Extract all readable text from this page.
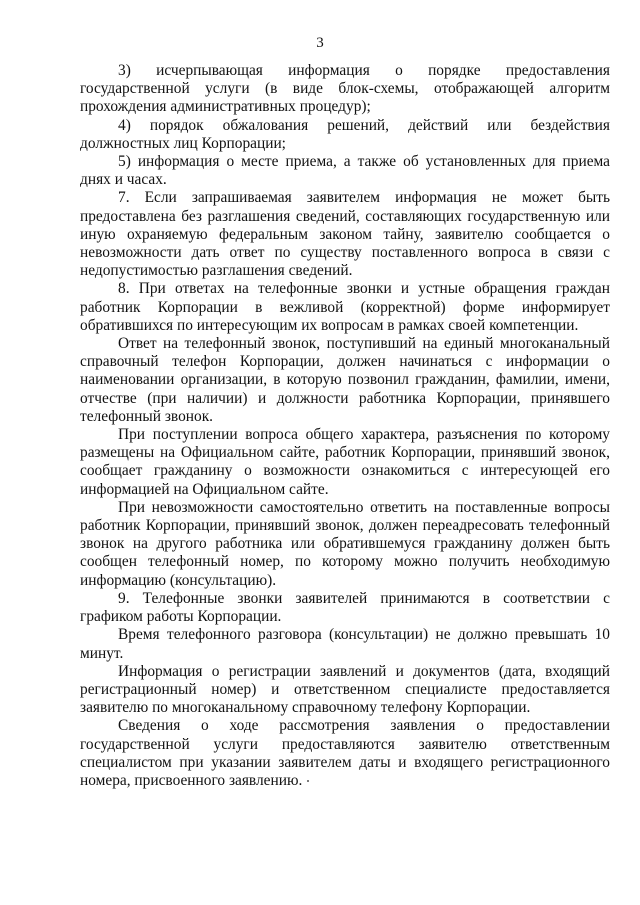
3

3) исчерпывающая информация о порядке предоставления государственной услуги (в виде блок-схемы, отображающей алгоритм прохождения административных процедур);

4) порядок обжалования решений, действий или бездействия должностных лиц Корпорации;

5) информация о месте приема, а также об установленных для приема днях и часах.

7. Если запрашиваемая заявителем информация не может быть предоставлена без разглашения сведений, составляющих государственную или иную охраняемую федеральным законом тайну, заявителю сообщается о невозможности дать ответ по существу поставленного вопроса в связи с недопустимостью разглашения сведений.

8. При ответах на телефонные звонки и устные обращения граждан работник Корпорации в вежливой (корректной) форме информирует обратившихся по интересующим их вопросам в рамках своей компетенции.

Ответ на телефонный звонок, поступивший на единый многоканальный справочный телефон Корпорации, должен начинаться с информации о наименовании организации, в которую позвонил гражданин, фамилии, имени, отчестве (при наличии) и должности работника Корпорации, принявшего телефонный звонок.

При поступлении вопроса общего характера, разъяснения по которому размещены на Официальном сайте, работник Корпорации, принявший звонок, сообщает гражданину о возможности ознакомиться с интересующей его информацией на Официальном сайте.

При невозможности самостоятельно ответить на поставленные вопросы работник Корпорации, принявший звонок, должен переадресовать телефонный звонок на другого работника или обратившемуся гражданину должен быть сообщен телефонный номер, по которому можно получить необходимую информацию (консультацию).

9. Телефонные звонки заявителей принимаются в соответствии с графиком работы Корпорации.

Время телефонного разговора (консультации) не должно превышать 10 минут.

Информация о регистрации заявлений и документов (дата, входящий регистрационный номер) и ответственном специалисте предоставляется заявителю по многоканальному справочному телефону Корпорации.

Сведения о ходе рассмотрения заявления о предоставлении государственной услуги предоставляются заявителю ответственным специалистом при указании заявителем даты и входящего регистрационного номера, присвоенного заявлению.
